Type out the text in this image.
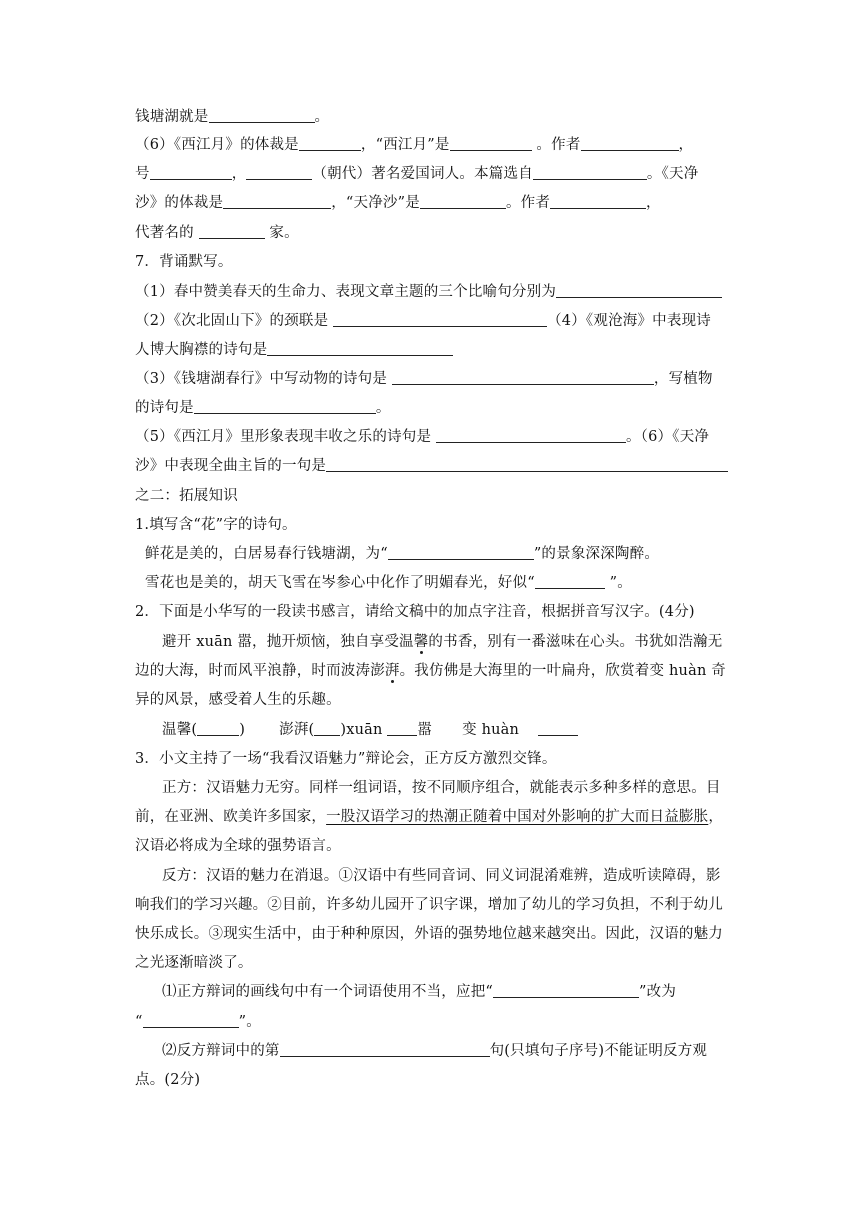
钱塘湖就是	。
（6）《西江月》的体裁是	，“西江月”是	。作者	，
号	，	（朝代）著名爱国词人。本篇选自	。《天净
沙》的体裁是	，“天净沙”是	。作者	，
代著名的	家。
7．背诵默写。
（1）春中赞美春天的生命力、表现文章主题的三个比喻句分别为
（2）《次北固山下》的颈联是	（4）《观沧海》中表现诗
人博大胸襟的诗句是
（3）《钱塘湖春行》中写动物的诗句是	，写植物
的诗句是	。
（5）《西江月》里形象表现丰收之乐的诗句是	。（6）《天净
沙》中表现全曲主旨的一句是
之二：拓展知识
1.填写含“花”字的诗句。
鲜花是美的，白居易春行钱塘湖，为“	”的景象深深陶醉。
雪花也是美的，胡天飞雪在岑参心中化作了明媚春光，好似“	”。
2．下面是小华写的一段读书感言，请给文稿中的加点字注音，根据拼音写汉字。(4分)
避开 xuān 嚣，抛开烦恼，独自享受温馨的书香，别有一番滋味在心头。书犹如浩瀚无
边的大海，时而风平浪静，时而波涛澎湃。我仿佛是大海里的一叶扁舟，欣赏着变 huàn 奇
异的风景，感受着人生的乐趣。
温馨(	) 澎湃( )xuān 嚣 变 huàn
3．小文主持了一场“我看汉语魅力”辩论会，正方反方激烈交锋。
正方：汉语魅力无穷。同样一组词语，按不同顺序组合，就能表示多种多样的意思。目
前，在亚洲、欧美许多国家，一股汉语学习的热潮正随着中国对外影响的扩大而日益膨胀，
汉语必将成为全球的强势语言。
反方：汉语的魅力在消退。①汉语中有些同音词、同义词混淆难辨，造成听读障碍，影
响我们的学习兴趣。②目前，许多幼儿园开了识字课，增加了幼儿的学习负担，不利于幼儿
快乐成长。③现实生活中，由于种种原因，外语的强势地位越来越突出。因此，汉语的魅力
之光逐渐暗淡了。
⑴正方辩词的画线句中有一个词语使用不当，应把“	”改为
“	”。
⑵反方辩词中的第	句(只填句子序号)不能证明反方观
点。(2分)
